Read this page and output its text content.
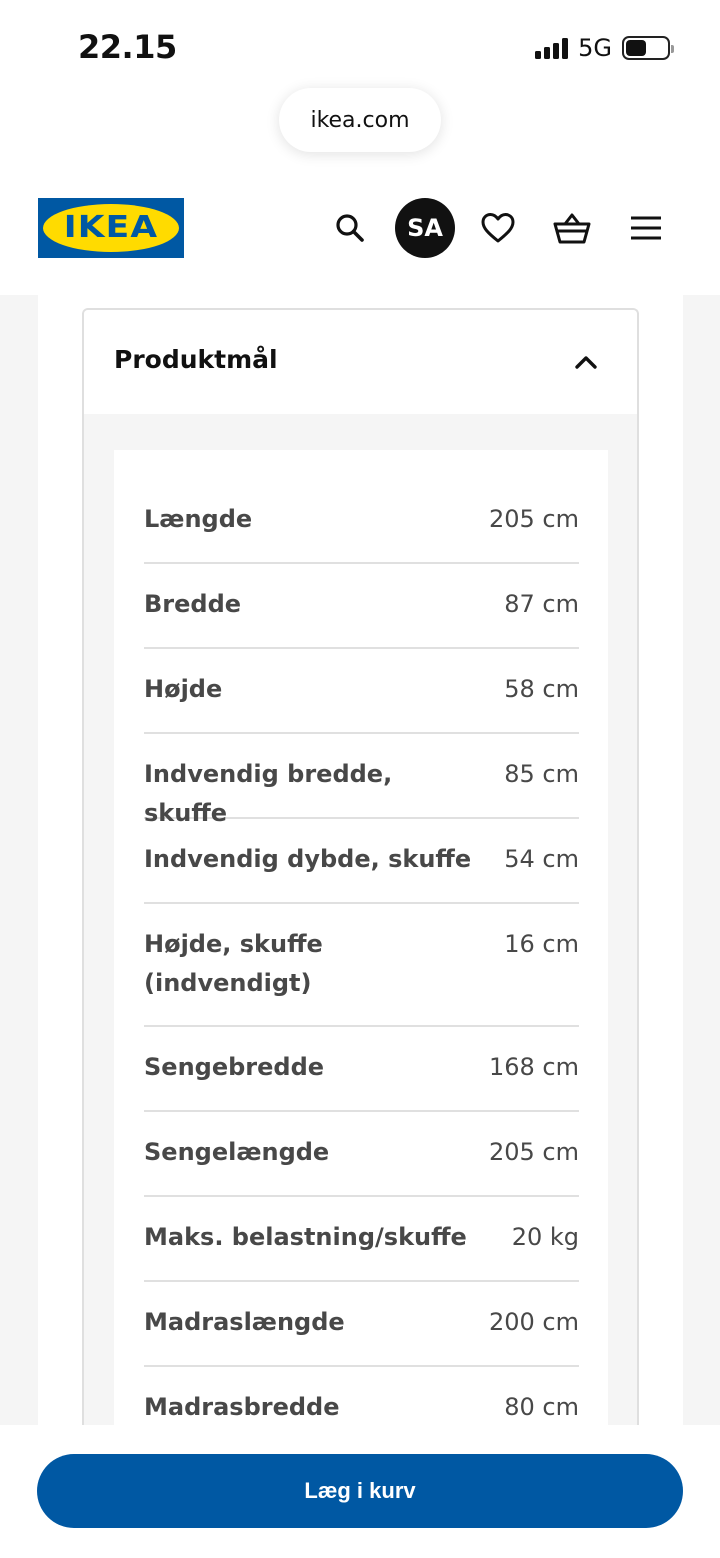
22.15	5G
ikea.com
IKEA	SA
Produktmål
Længde	205 cm
Bredde	87 cm
Højde	58 cm
Indvendig bredde, skuffe
85 cm
Indvendig dybde, skuffe 54 cm
Højde, skuffe (indvendigt)
16 cm
Sengebredde	168 cm
Sengelængde	205 cm
Maks. belastning/skuffe 20 kg
Madraslængde	200 cm
Madrasbredde	80 cm
Læg i kurv
